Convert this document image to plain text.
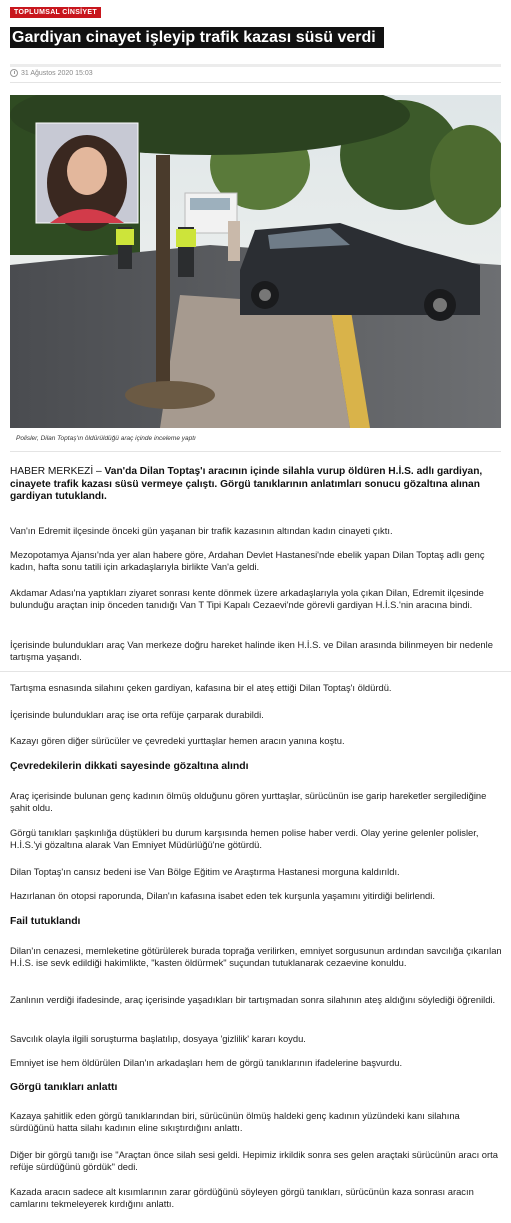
TOPLUMSAL CİNSİYET
Gardiyan cinayet işleyip trafik kazası süsü verdi
31 Ağustos 2020 15:03
Polisler, Dilan Toptaş'ın öldürüldüğü araç içinde inceleme yaptı
HABER MERKEZİ – Van'da Dilan Toptaş'ı aracının içinde silahla vurup öldüren H.İ.S. adlı gardiyan, cinayete trafik kazası süsü vermeye çalıştı. Görgü tanıklarının anlatımları sonucu gözaltına alınan gardiyan tutuklandı.
Van'ın Edremit ilçesinde önceki gün yaşanan bir trafik kazasının altından kadın cinayeti çıktı.
Mezopotamya Ajansı'nda yer alan habere göre, Ardahan Devlet Hastanesi'nde ebelik yapan Dilan Toptaş adlı genç kadın, hafta sonu tatili için arkadaşlarıyla birlikte Van'a geldi.
Akdamar Adası'na yaptıkları ziyaret sonrası kente dönmek üzere arkadaşlarıyla yola çıkan Dilan, Edremit ilçesinde bulunduğu araçtan inip önceden tanıdığı Van T Tipi Kapalı Cezaevi'nde görevli gardiyan H.İ.S.'nin aracına bindi.
İçerisinde bulundukları araç Van merkeze doğru hareket halinde iken H.İ.S. ve Dilan arasında bilinmeyen bir nedenle tartışma yaşandı.
Tartışma esnasında silahını çeken gardiyan, kafasına bir el ateş ettiği Dilan Toptaş'ı öldürdü.
İçerisinde bulundukları araç ise orta refüje çarparak durabildi.
Kazayı gören diğer sürücüler ve çevredeki yurttaşlar hemen aracın yanına koştu.
Çevredekilerin dikkati sayesinde gözaltına alındı
Araç içerisinde bulunan genç kadının ölmüş olduğunu gören yurttaşlar, sürücünün ise garip hareketler sergilediğine şahit oldu.
Görgü tanıkları şaşkınlığa düştükleri bu durum karşısında hemen polise haber verdi. Olay yerine gelenler polisler, H.İ.S.'yi gözaltına alarak Van Emniyet Müdürlüğü'ne götürdü.
Dilan Toptaş'ın cansız bedeni ise Van Bölge Eğitim ve Araştırma Hastanesi morguna kaldırıldı.
Hazırlanan ön otopsi raporunda, Dilan'ın kafasına isabet eden tek kurşunla yaşamını yitirdiği belirlendi.
Fail tutuklandı
Dilan'ın cenazesi, memleketine götürülerek burada toprağa verilirken, emniyet sorgusunun ardından savcılığa çıkarılan H.İ.S. ise sevk edildiği hakimlikte, "kasten öldürmek" suçundan tutuklanarak cezaevine konuldu.
Zanlının verdiği ifadesinde, araç içerisinde yaşadıkları bir tartışmadan sonra silahının ateş aldığını söylediği öğrenildi.
Savcılık olayla ilgili soruşturma başlatılıp, dosyaya 'gizlilik' kararı koydu.
Emniyet ise hem öldürülen Dilan'ın arkadaşları hem de görgü tanıklarının ifadelerine başvurdu.
Görgü tanıkları anlattı
Kazaya şahitlik eden görgü tanıklarından biri, sürücünün ölmüş haldeki genç kadının yüzündeki kanı silahına sürdüğünü hatta silahı kadının eline sıkıştırdığını anlattı.
Diğer bir görgü tanığı ise "Araçtan önce silah sesi geldi. Hepimiz irkildik sonra ses gelen araçtaki sürücünün aracı orta refüje sürdüğünü gördük" dedi.
Kazada aracın sadece alt kısımlarının zarar gördüğünü söyleyen görgü tanıkları, sürücünün kaza sonrası aracın camlarını tekmeleyerek kırdığını anlattı.
